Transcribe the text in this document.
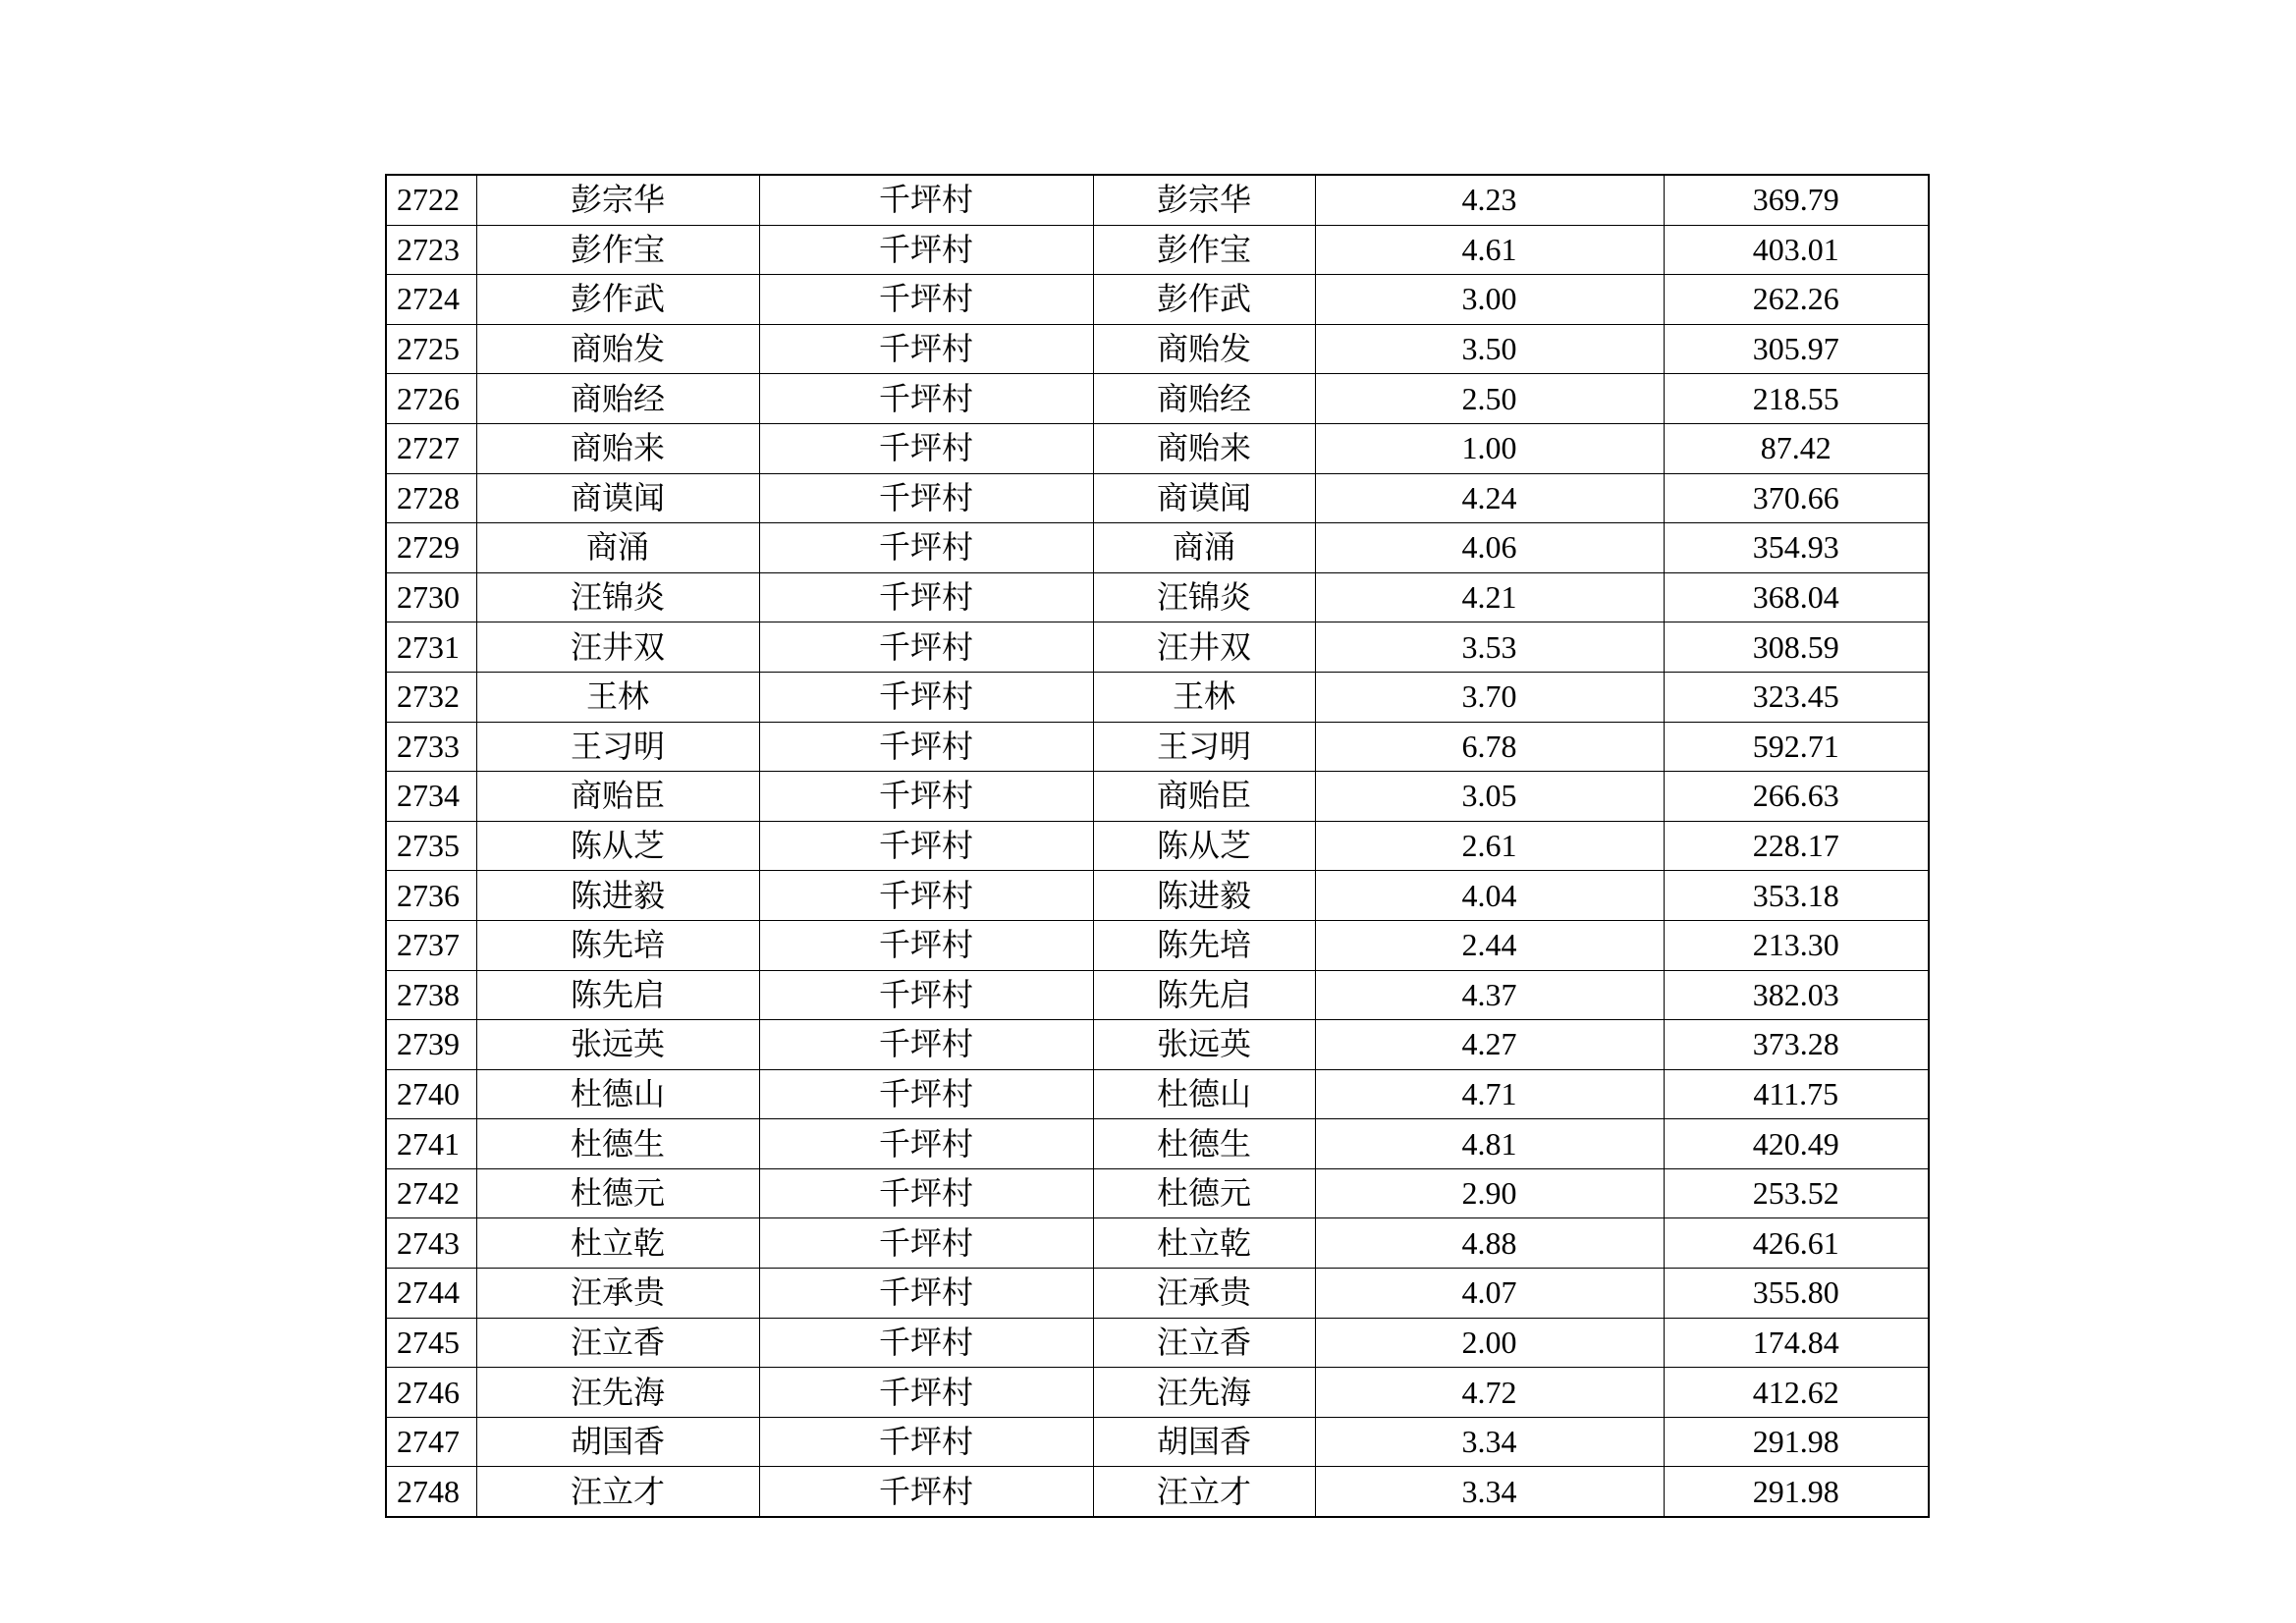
2722	彭宗华	千坪村	彭宗华	4.23	369.79
2723	彭作宝	千坪村	彭作宝	4.61	403.01
2724	彭作武	千坪村	彭作武	3.00	262.26
2725	商贻发	千坪村	商贻发	3.50	305.97
2726	商贻经	千坪村	商贻经	2.50	218.55
2727	商贻来	千坪村	商贻来	1.00	87.42
2728	商谟闻	千坪村	商谟闻	4.24	370.66
2729	商涌	千坪村	商涌	4.06	354.93
2730	汪锦炎	千坪村	汪锦炎	4.21	368.04
2731	汪井双	千坪村	汪井双	3.53	308.59
2732	王林	千坪村	王林	3.70	323.45
2733	王习明	千坪村	王习明	6.78	592.71
2734	商贻臣	千坪村	商贻臣	3.05	266.63
2735	陈从芝	千坪村	陈从芝	2.61	228.17
2736	陈进毅	千坪村	陈进毅	4.04	353.18
2737	陈先培	千坪村	陈先培	2.44	213.30
2738	陈先启	千坪村	陈先启	4.37	382.03
2739	张远英	千坪村	张远英	4.27	373.28
2740	杜德山	千坪村	杜德山	4.71	411.75
2741	杜德生	千坪村	杜德生	4.81	420.49
2742	杜德元	千坪村	杜德元	2.90	253.52
2743	杜立乾	千坪村	杜立乾	4.88	426.61
2744	汪承贵	千坪村	汪承贵	4.07	355.80
2745	汪立香	千坪村	汪立香	2.00	174.84
2746	汪先海	千坪村	汪先海	4.72	412.62
2747	胡国香	千坪村	胡国香	3.34	291.98
2748	汪立才	千坪村	汪立才	3.34	291.98
